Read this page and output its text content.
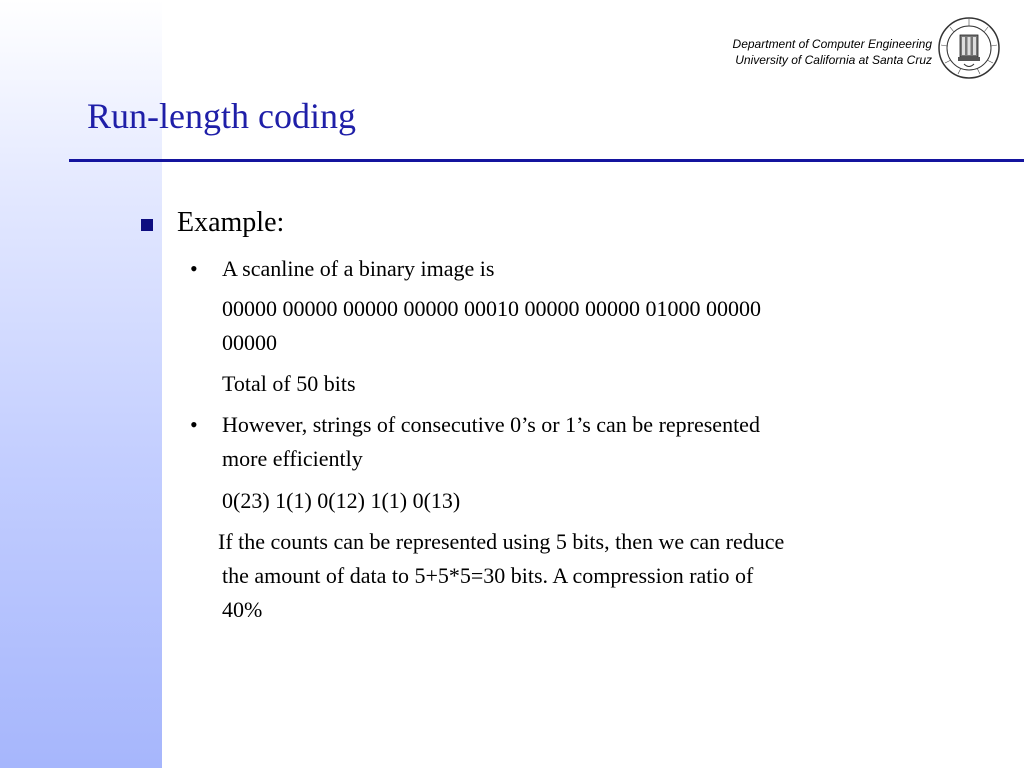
Department of Computer Engineering
University of California at Santa Cruz
Run-length coding
Example:
• A scanline of a binary image is
00000 00000 00000 00000 00010 00000 00000 01000 00000
00000
Total of 50 bits
• However, strings of consecutive 0’s or 1’s can be represented
more efficiently
0(23) 1(1) 0(12) 1(1) 0(13)
If the counts can be represented using 5 bits, then we can reduce
the amount of data to 5+5*5=30 bits. A compression ratio of
40%
